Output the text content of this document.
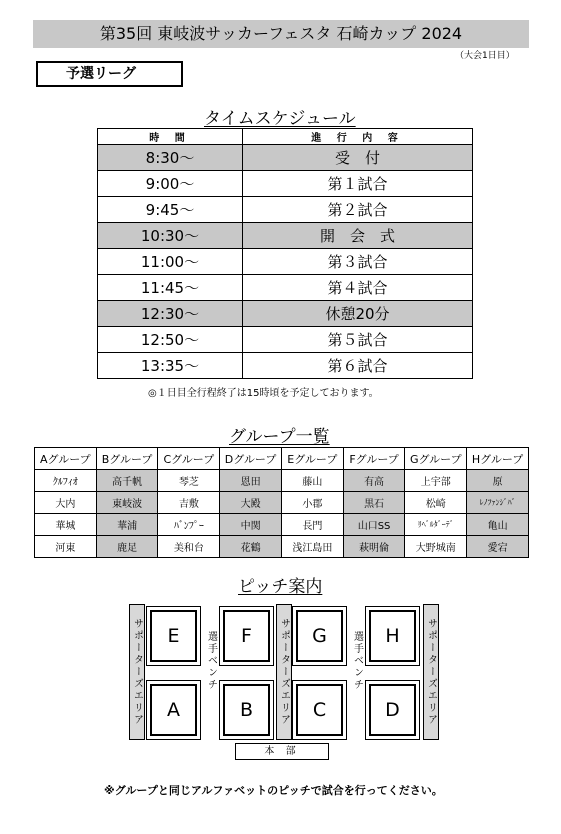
第35回 東岐波サッカーフェスタ 石崎カップ 2024
（大会1日目）
予選リーグ
タイムスケジュール
時 間	進 行 内 容
8:30〜	受　付
9:00〜	第１試合
9:45〜	第２試合
10:30〜	開　会　式
11:00〜	第３試合
11:45〜	第４試合
12:30〜	休憩20分
12:50〜	第５試合
13:35〜	第６試合
◎１日目全行程終了は15時頃を予定しております。
グループ一覧
Aグループ	Bグループ	Cグループ	Dグループ	Eグループ	Fグループ	Gグループ	Hグループ
ｸﾙﾌｨｵ	高千帆	琴芝	恩田	藤山	有高	上宇部	原
大内	東岐波	吉敷	大殿	小郡	黒石	松崎	ﾚﾉﾌｧﾝｼﾞﾊﾞ
華城	華浦	ﾊﾞﾝﾌﾟｰ	中関	長門	山口SS	ﾘﾍﾞﾙﾀﾞｰﾃﾞ	亀山
河東	鹿足	美和台	花鶴	浅江島田	萩明倫	大野城南	愛宕
ピッチ案内
E	F	G	H
A	B	C	D
サポーターズエリア	サポーターズエリア	サポーターズエリア
選手ベンチ	選手ベンチ
本 部
※グループと同じアルファベットのピッチで試合を行ってください。
